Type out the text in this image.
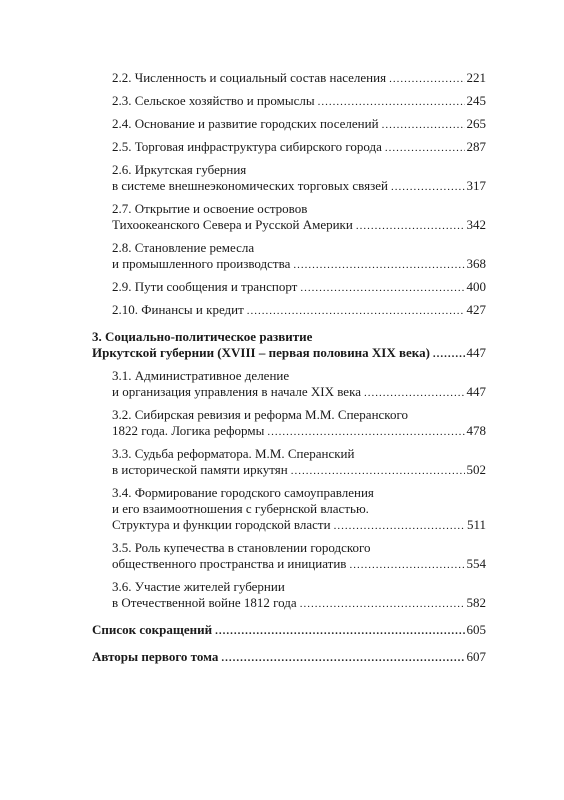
2.2. Численность и социальный состав населения .....	221
2.3. Сельское хозяйство и промыслы .....	245
2.4. Основание и развитие городских поселений .....	265
2.5. Торговая инфраструктура сибирского города .....	287
2.6. Иркутская губерния
в системе внешнеэкономических торговых связей .....	317
2.7. Открытие и освоение островов
Тихоокеанского Севера и Русской Америки .....	342
2.8. Становление ремесла
и промышленного производства .....	368
2.9. Пути сообщения и транспорт .....	400
2.10. Финансы и кредит .....	427
3. Социально-политическое развитие
Иркутской губернии (XVIII – первая половина XIX века) .....	447
3.1. Административное деление
и организация управления в начале XIX века .....	447
3.2. Сибирская ревизия и реформа М.М. Сперанского
1822 года. Логика реформы .....	478
3.3. Судьба реформатора. М.М. Сперанский
в исторической памяти иркутян .....	502
3.4. Формирование городского самоуправления
и его взаимоотношения с губернской властью.
Структура и функции городской власти .....	511
3.5. Роль купечества в становлении городского
общественного пространства и инициатив .....	554
3.6. Участие жителей губернии
в Отечественной войне 1812 года .....	582
Список сокращений .....	605
Авторы первого тома .....	607
